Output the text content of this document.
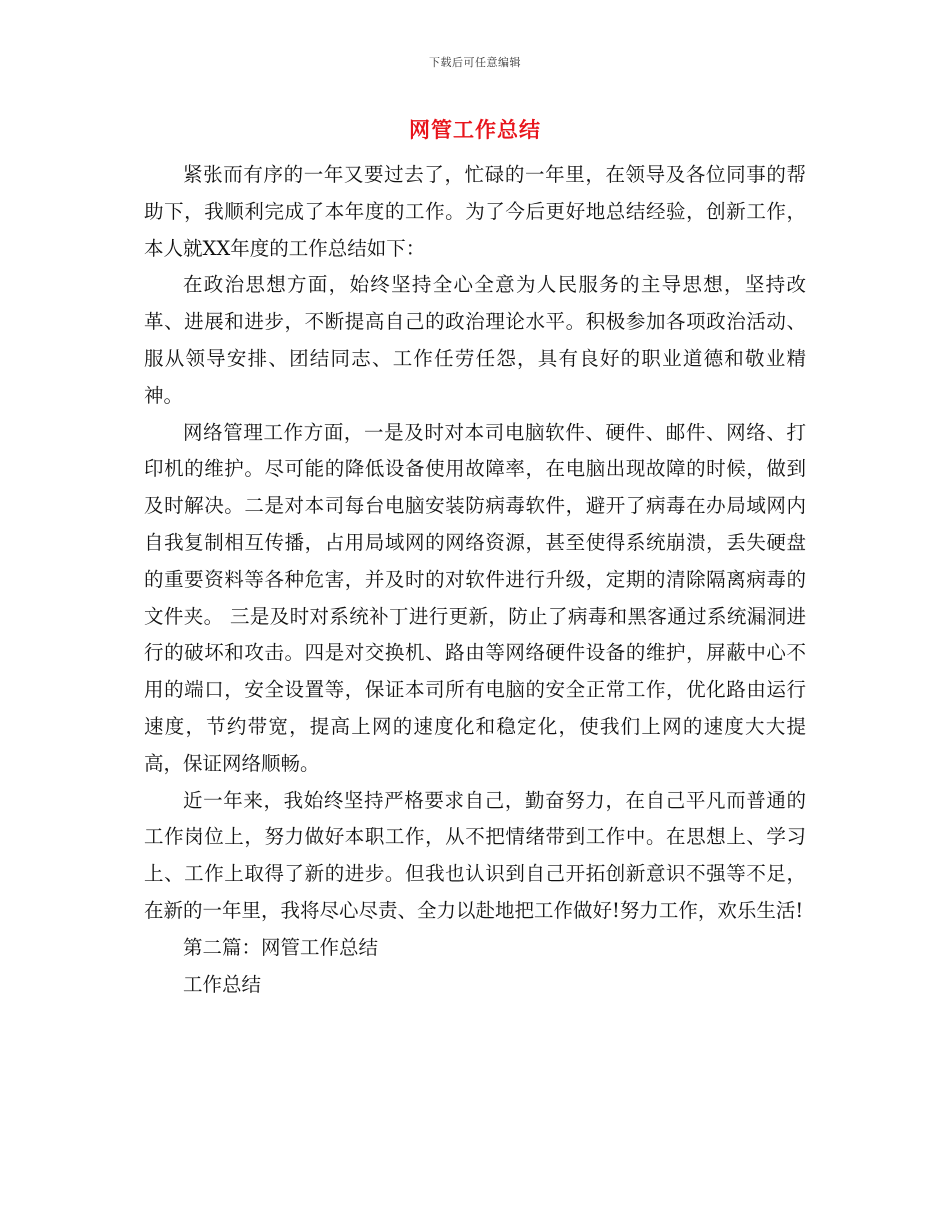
下载后可任意编辑
网管工作总结

紧张而有序的一年又要过去了，忙碌的一年里，在领导及各位同事的帮助下，我顺利完成了本年度的工作。为了今后更好地总结经验，创新工作，本人就XX年度的工作总结如下：

在政治思想方面，始终坚持全心全意为人民服务的主导思想，坚持改革、进展和进步，不断提高自己的政治理论水平。积极参加各项政治活动、服从领导安排、团结同志、工作任劳任怨，具有良好的职业道德和敬业精神。

网络管理工作方面，一是及时对本司电脑软件、硬件、邮件、网络、打印机的维护。尽可能的降低设备使用故障率，在电脑出现故障的时候，做到及时解决。二是对本司每台电脑安装防病毒软件，避开了病毒在办局域网内自我复制相互传播，占用局域网的网络资源，甚至使得系统崩溃，丢失硬盘的重要资料等各种危害，并及时的对软件进行升级，定期的清除隔离病毒的文件夹。 三是及时对系统补丁进行更新，防止了病毒和黑客通过系统漏洞进行的破坏和攻击。四是对交换机、路由等网络硬件设备的维护，屏蔽中心不用的端口，安全设置等，保证本司所有电脑的安全正常工作，优化路由运行速度，节约带宽，提高上网的速度化和稳定化，使我们上网的速度大大提高，保证网络顺畅。

近一年来，我始终坚持严格要求自己，勤奋努力，在自己平凡而普通的工作岗位上，努力做好本职工作，从不把情绪带到工作中。在思想上、学习上、工作上取得了新的进步。但我也认识到自己开拓创新意识不强等不足，在新的一年里，我将尽心尽责、全力以赴地把工作做好!努力工作，欢乐生活!

第二篇：网管工作总结

工作总结
